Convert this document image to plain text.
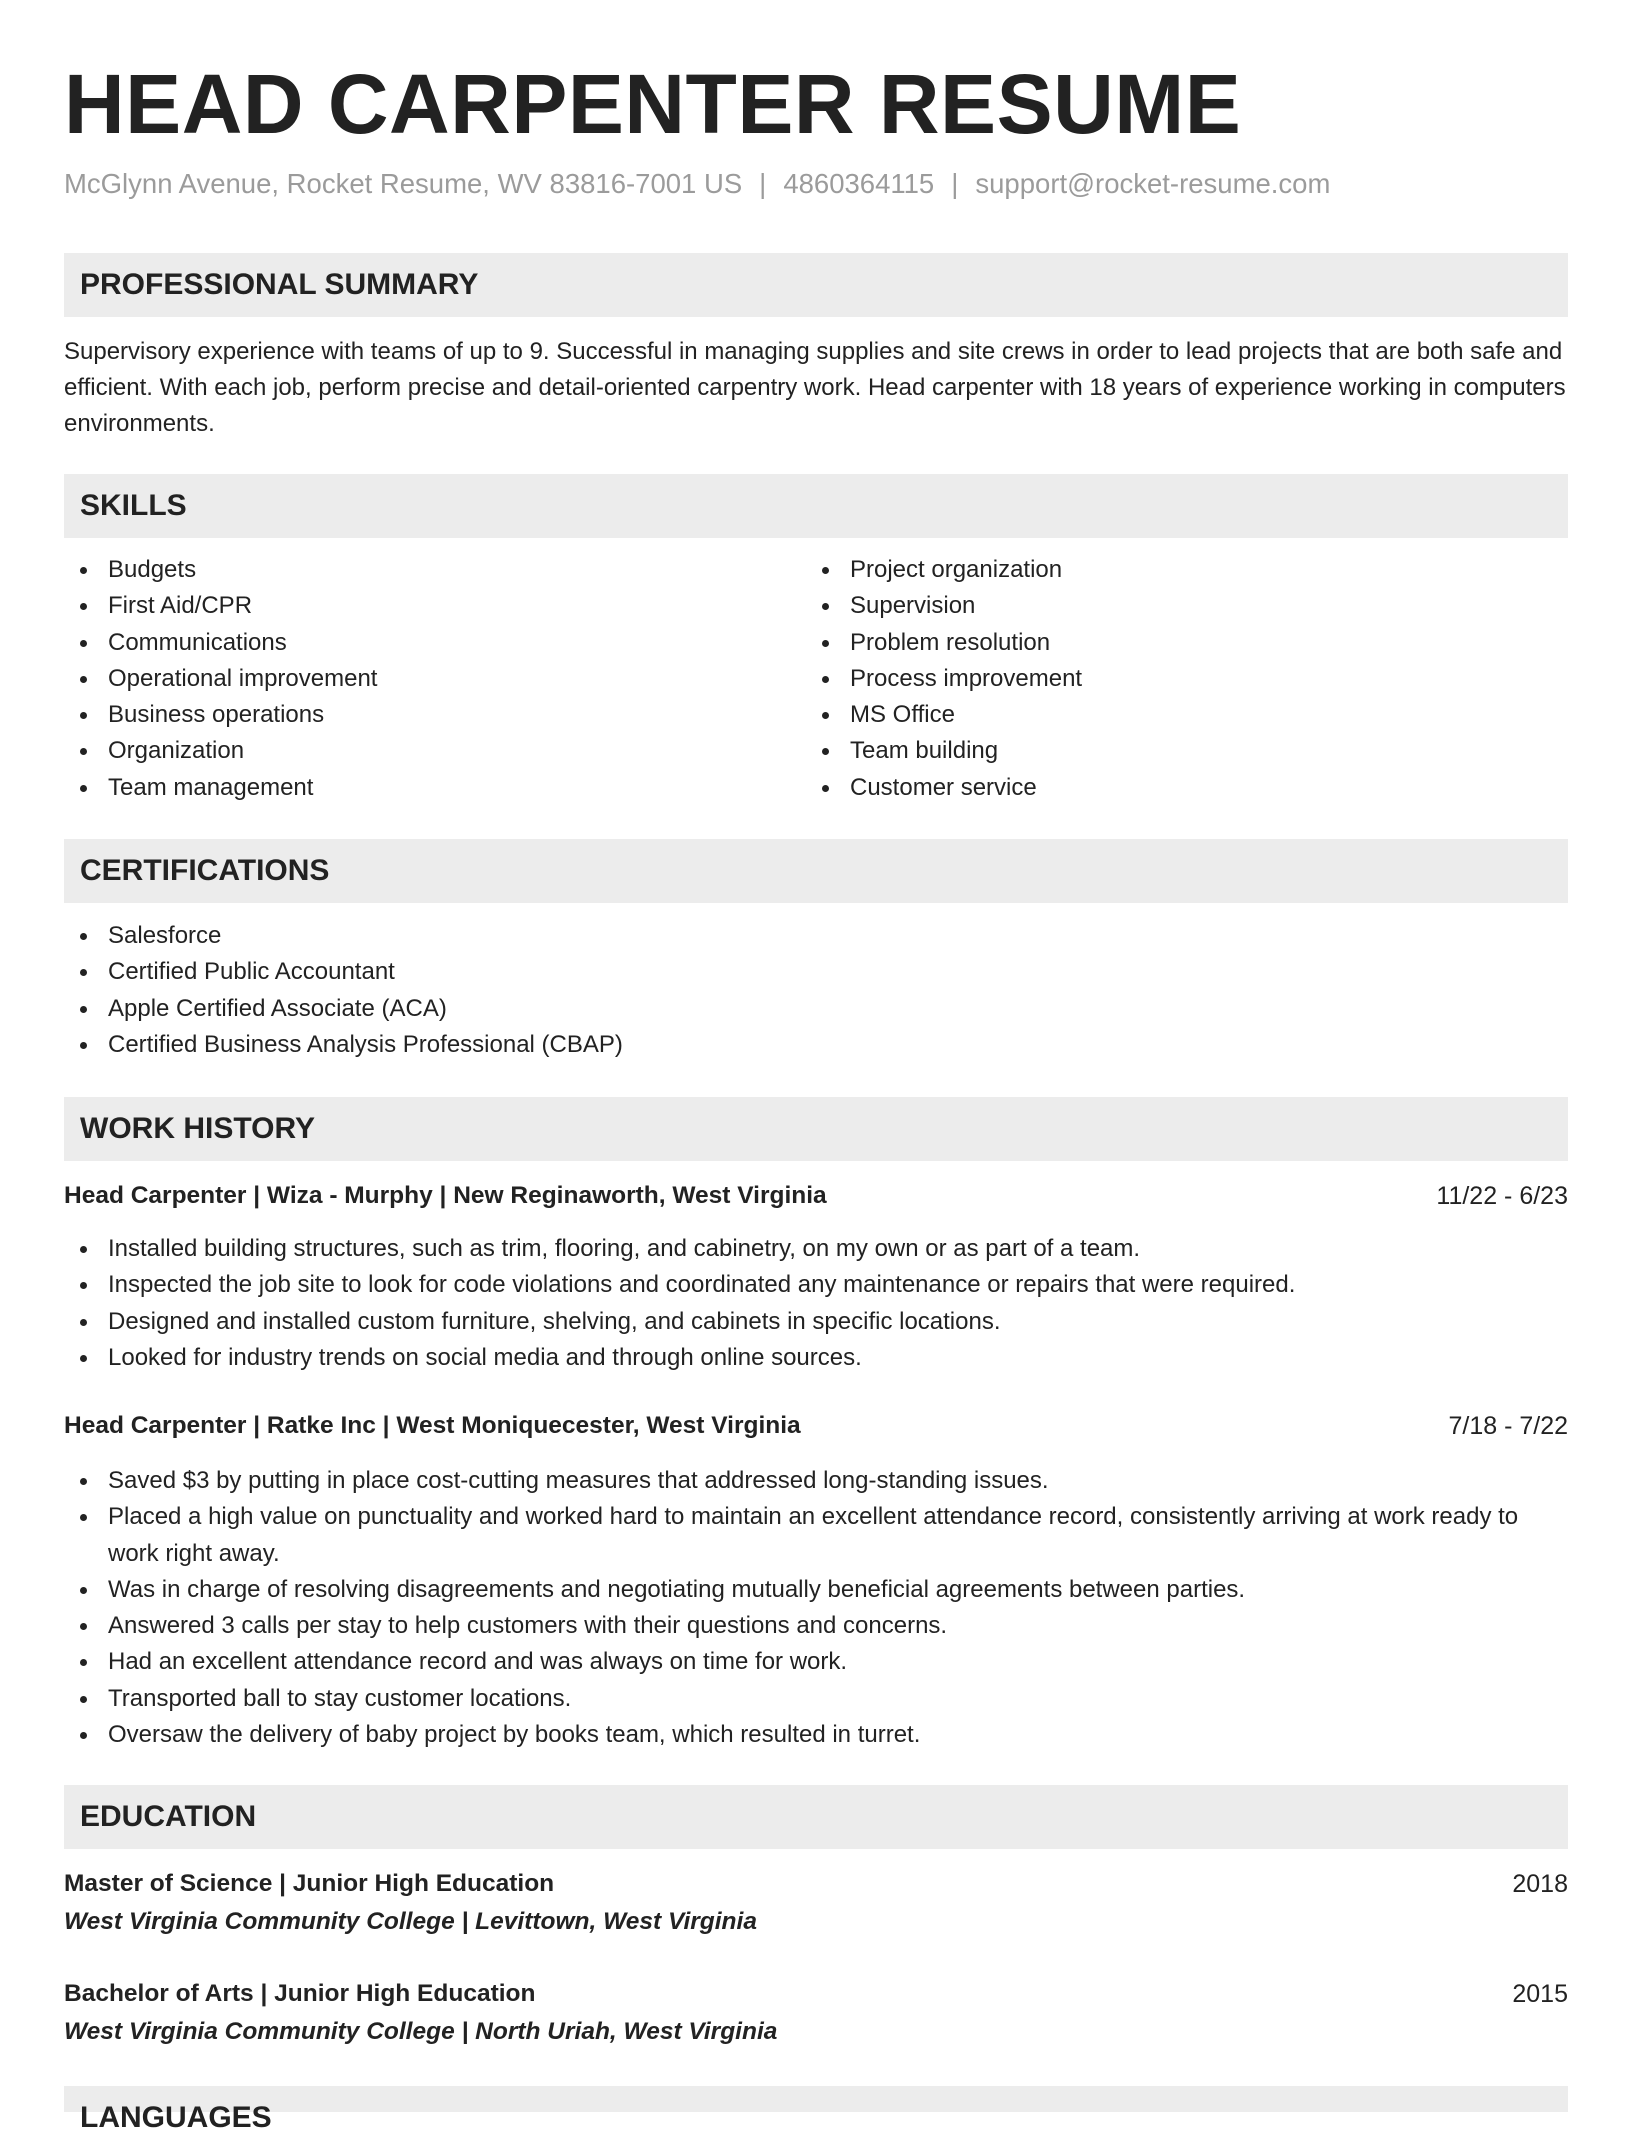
HEAD CARPENTER RESUME
McGlynn Avenue, Rocket Resume, WV 83816-7001 US | 4860364115 | support@rocket-resume.com
PROFESSIONAL SUMMARY

Supervisory experience with teams of up to 9. Successful in managing supplies and site crews in order to lead projects that are both safe and efficient. With each job, perform precise and detail-oriented carpentry work. Head carpenter with 18 years of experience working in computers environments.

SKILLS
Budgets
First Aid/CPR
Communications
Operational improvement
Business operations
Organization
Team management
Project organization
Supervision
Problem resolution
Process improvement
MS Office
Team building
Customer service
CERTIFICATIONS
Salesforce
Certified Public Accountant
Apple Certified Associate (ACA)
Certified Business Analysis Professional (CBAP)
WORK HISTORY
Head Carpenter | Wiza - Murphy | New Reginaworth, West Virginia	11/22 - 6/23
Installed building structures, such as trim, flooring, and cabinetry, on my own or as part of a team.
Inspected the job site to look for code violations and coordinated any maintenance or repairs that were required.
Designed and installed custom furniture, shelving, and cabinets in specific locations.
Looked for industry trends on social media and through online sources.
Head Carpenter | Ratke Inc | West Moniquecester, West Virginia	7/18 - 7/22
Saved $3 by putting in place cost-cutting measures that addressed long-standing issues.
Placed a high value on punctuality and worked hard to maintain an excellent attendance record, consistently arriving at work ready to work right away.
Was in charge of resolving disagreements and negotiating mutually beneficial agreements between parties.
Answered 3 calls per stay to help customers with their questions and concerns.
Had an excellent attendance record and was always on time for work.
Transported ball to stay customer locations.
Oversaw the delivery of baby project by books team, which resulted in turret.
EDUCATION
Master of Science | Junior High Education	2018
West Virginia Community College | Levittown, West Virginia
Bachelor of Arts | Junior High Education	2015
West Virginia Community College | North Uriah, West Virginia
LANGUAGES
